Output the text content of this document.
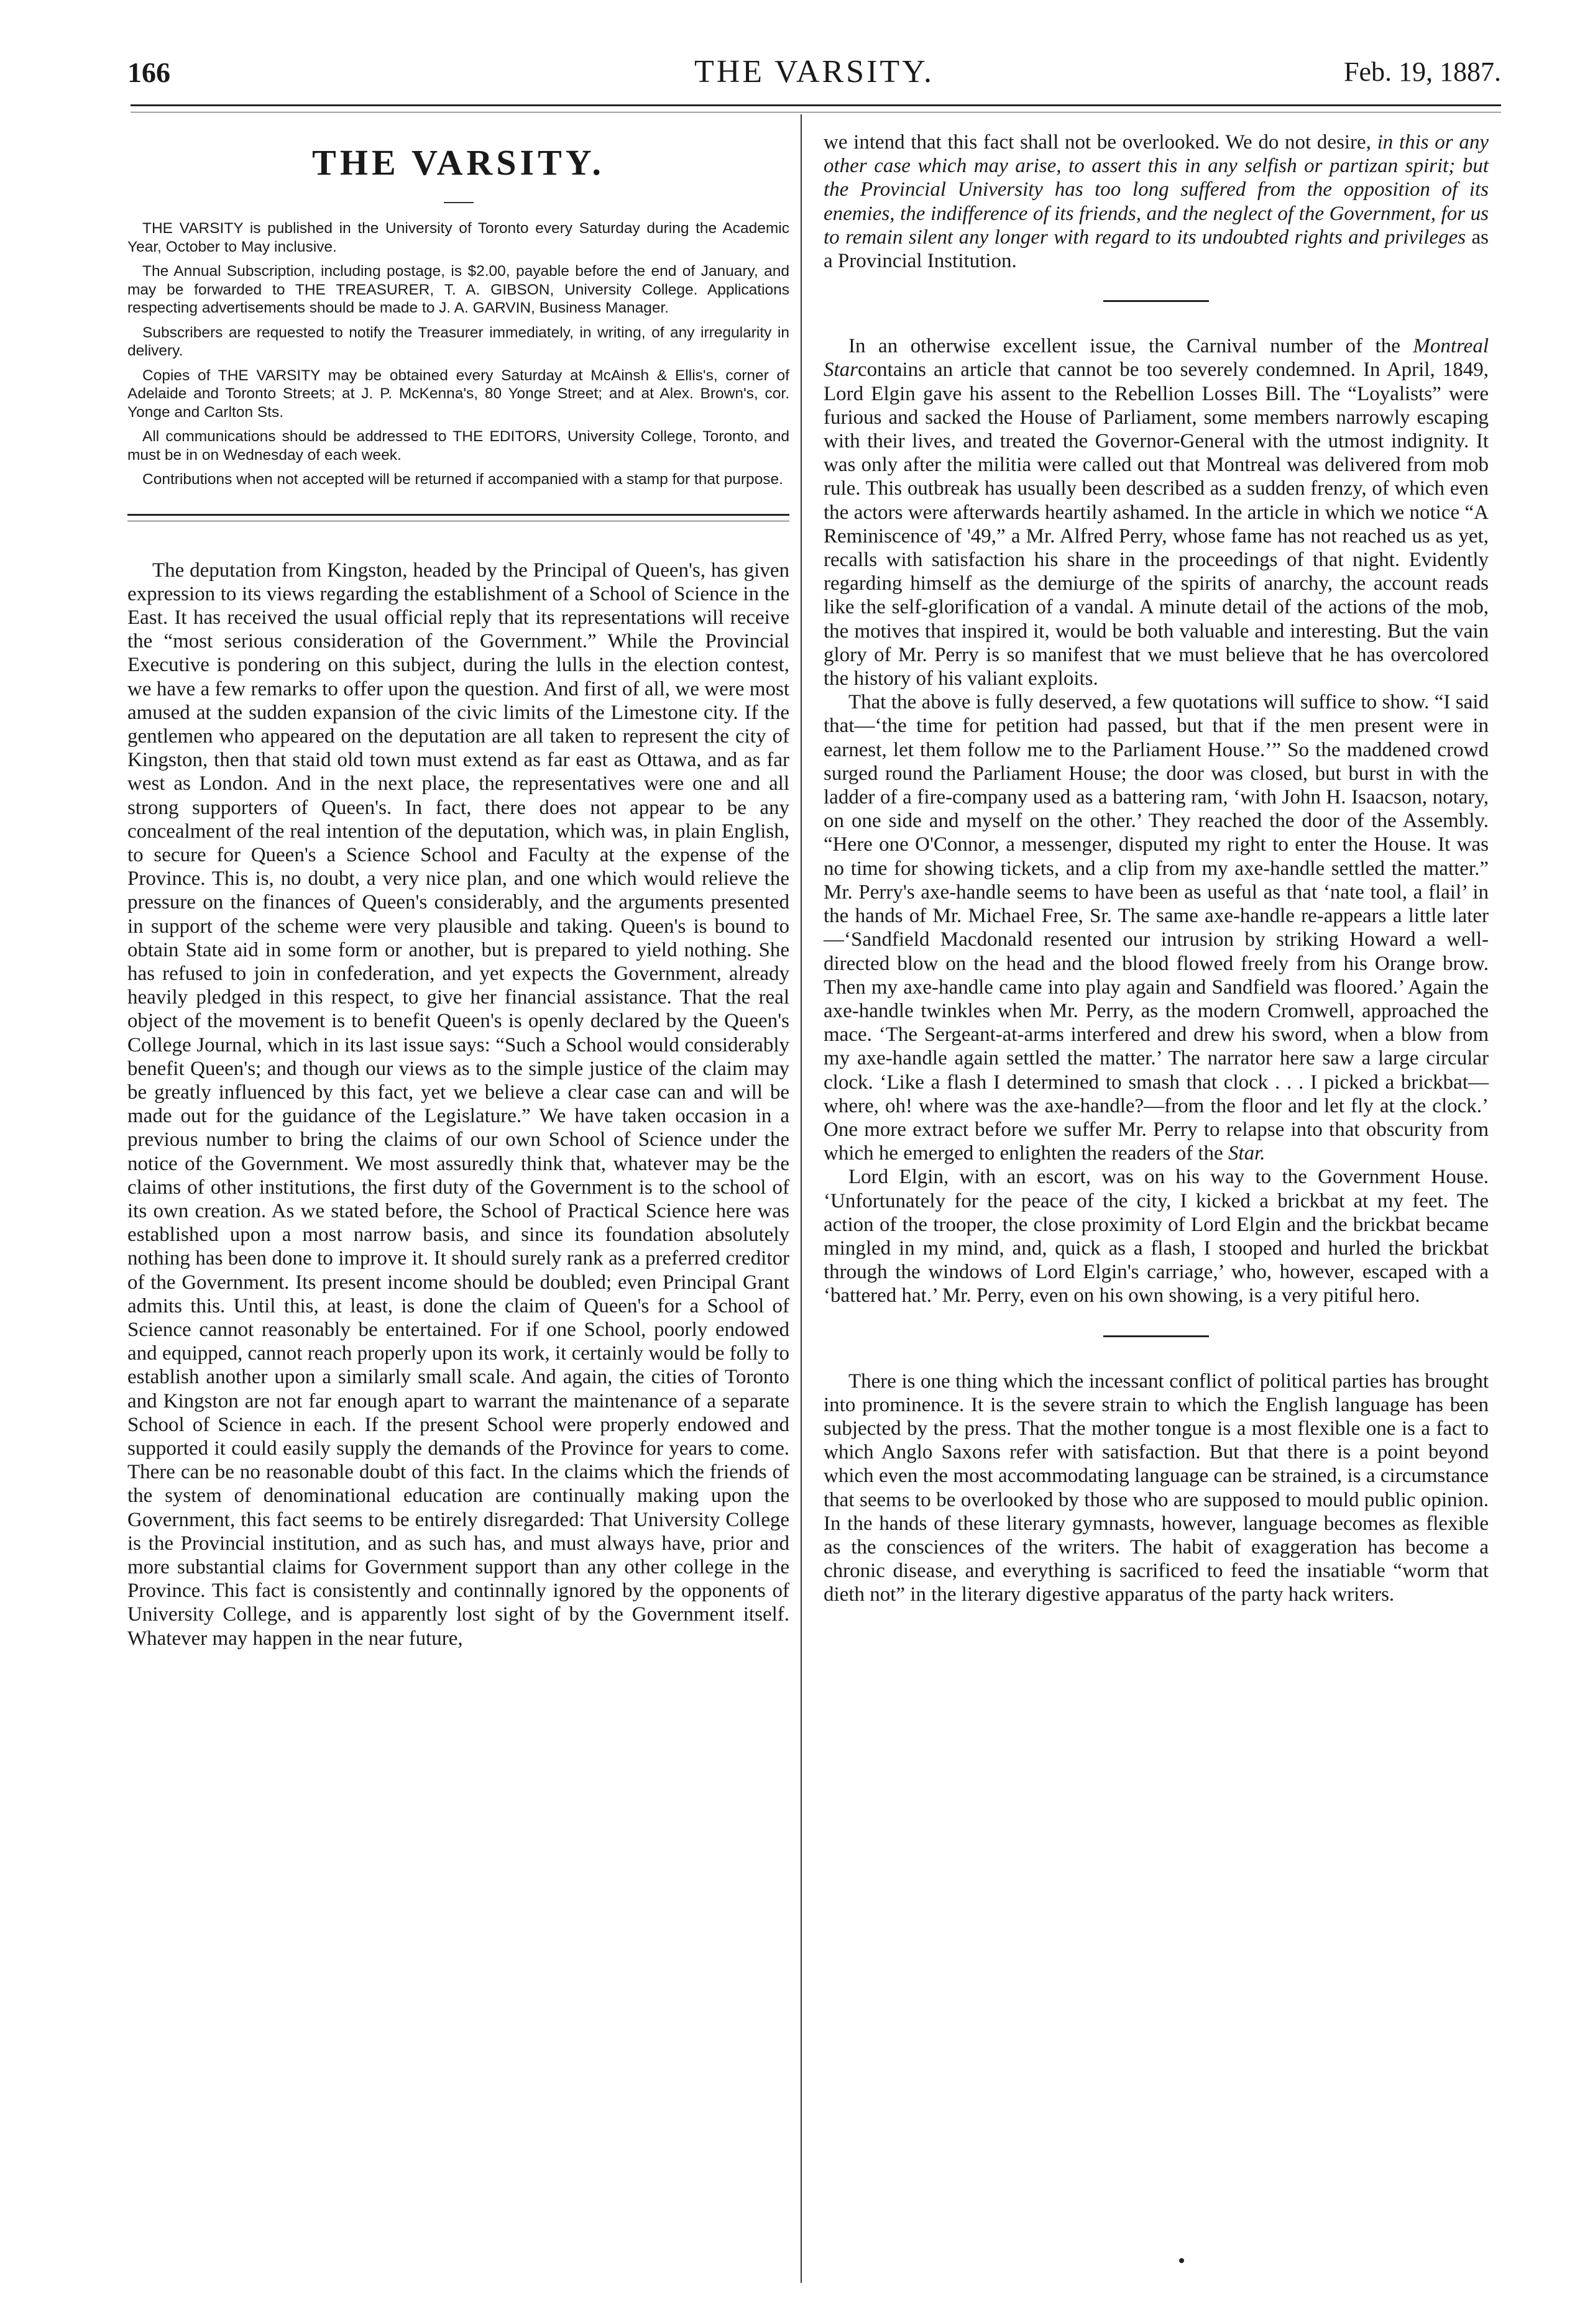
166	THE VARSITY.	Feb. 19, 1887.
THE VARSITY.

THE VARSITY is published in the University of Toronto every Saturday during the Academic Year, October to May inclusive.

The Annual Subscription, including postage, is $2.00, payable before the end of January, and may be forwarded to THE TREASURER, T. A. GIBSON, University College. Applications respecting advertisements should be made to J. A. GARVIN, Business Manager.

Subscribers are requested to notify the Treasurer immediately, in writing, of any irregularity in delivery.

Copies of THE VARSITY may be obtained every Saturday at McAinsh & Ellis's, corner of Adelaide and Toronto Streets; at J. P. McKenna's, 80 Yonge Street; and at Alex. Brown's, cor. Yonge and Carlton Sts.

All communications should be addressed to THE EDITORS, University College, Toronto, and must be in on Wednesday of each week.

Contributions when not accepted will be returned if accompanied with a stamp for that purpose.

The deputation from Kingston, headed by the Principal of Queen's, has given expression to its views regarding the establishment of a School of Science in the East. It has received the usual official reply that its representations will receive the “most serious consideration of the Government.” While the Provincial Executive is pondering on this subject, during the lulls in the election contest, we have a few remarks to offer upon the question. And first of all, we were most amused at the sudden expansion of the civic limits of the Limestone city. If the gentlemen who appeared on the deputation are all taken to represent the city of Kingston, then that staid old town must extend as far east as Ottawa, and as far west as London. And in the next place, the representatives were one and all strong supporters of Queen's. In fact, there does not appear to be any concealment of the real intention of the deputation, which was, in plain English, to secure for Queen's a Science School and Faculty at the expense of the Province. This is, no doubt, a very nice plan, and one which would relieve the pressure on the finances of Queen's considerably, and the arguments presented in support of the scheme were very plausible and taking. Queen's is bound to obtain State aid in some form or another, but is prepared to yield nothing. She has refused to join in confederation, and yet expects the Government, already heavily pledged in this respect, to give her financial assistance. That the real object of the movement is to benefit Queen's is openly declared by the Queen's College Journal, which in its last issue says: “Such a School would considerably benefit Queen's; and though our views as to the simple justice of the claim may be greatly influenced by this fact, yet we believe a clear case can and will be made out for the guidance of the Legislature.” We have taken occasion in a previous number to bring the claims of our own School of Science under the notice of the Government. We most assuredly think that, whatever may be the claims of other institutions, the first duty of the Government is to the school of its own creation. As we stated before, the School of Practical Science here was established upon a most narrow basis, and since its foundation absolutely nothing has been done to improve it. It should surely rank as a preferred creditor of the Government. Its present income should be doubled; even Principal Grant admits this. Until this, at least, is done the claim of Queen's for a School of Science cannot reasonably be entertained. For if one School, poorly endowed and equipped, cannot reach properly upon its work, it certainly would be folly to establish another upon a similarly small scale. And again, the cities of Toronto and Kingston are not far enough apart to warrant the maintenance of a separate School of Science in each. If the present School were properly endowed and supported it could easily supply the demands of the Province for years to come. There can be no reasonable doubt of this fact. In the claims which the friends of the system of denominational education are continually making upon the Government, this fact seems to be entirely disregarded: That University College is the Provincial institution, and as such has, and must always have, prior and more substantial claims for Government support than any other college in the Province. This fact is consistently and continnally ignored by the opponents of University College, and is apparently lost sight of by the Government itself. Whatever may happen in the near future,

we intend that this fact shall not be overlooked. We do not desire, in this or any other case which may arise, to assert this in any selfish or partizan spirit; but the Provincial University has too long suffered from the opposition of its enemies, the indifference of its friends, and the neglect of the Government, for us to remain silent any longer with regard to its undoubted rights and privileges as a Provincial Institution.

In an otherwise excellent issue, the Carnival number of the Montreal Starcontains an article that cannot be too severely condemned. In April, 1849, Lord Elgin gave his assent to the Rebellion Losses Bill. The “Loyalists” were furious and sacked the House of Parliament, some members narrowly escaping with their lives, and treated the Governor-General with the utmost indignity. It was only after the militia were called out that Montreal was delivered from mob rule. This outbreak has usually been described as a sudden frenzy, of which even the actors were afterwards heartily ashamed. In the article in which we notice “A Reminiscence of '49,” a Mr. Alfred Perry, whose fame has not reached us as yet, recalls with satisfaction his share in the proceedings of that night. Evidently regarding himself as the demiurge of the spirits of anarchy, the account reads like the self-glorification of a vandal. A minute detail of the actions of the mob, the motives that inspired it, would be both valuable and interesting. But the vain glory of Mr. Perry is so manifest that we must believe that he has overcolored the history of his valiant exploits.

That the above is fully deserved, a few quotations will suffice to show. “I said that—‘the time for petition had passed, but that if the men present were in earnest, let them follow me to the Parliament House.’” So the maddened crowd surged round the Parliament House; the door was closed, but burst in with the ladder of a fire-company used as a battering ram, ‘with John H. Isaacson, notary, on one side and myself on the other.’ They reached the door of the Assembly. “Here one O'Connor, a messenger, disputed my right to enter the House. It was no time for showing tickets, and a clip from my axe-handle settled the matter.” Mr. Perry's axe-handle seems to have been as useful as that ‘nate tool, a flail’ in the hands of Mr. Michael Free, Sr. The same axe-handle re-appears a little later—‘Sandfield Macdonald resented our intrusion by striking Howard a well-directed blow on the head and the blood flowed freely from his Orange brow. Then my axe-handle came into play again and Sandfield was floored.’ Again the axe-handle twinkles when Mr. Perry, as the modern Cromwell, approached the mace. ‘The Sergeant-at-arms interfered and drew his sword, when a blow from my axe-handle again settled the matter.’ The narrator here saw a large circular clock. ‘Like a flash I determined to smash that clock . . . I picked a brickbat—where, oh! where was the axe-handle?—from the floor and let fly at the clock.’ One more extract before we suffer Mr. Perry to relapse into that obscurity from which he emerged to enlighten the readers of the Star.

Lord Elgin, with an escort, was on his way to the Government House. ‘Unfortunately for the peace of the city, I kicked a brickbat at my feet. The action of the trooper, the close proximity of Lord Elgin and the brickbat became mingled in my mind, and, quick as a flash, I stooped and hurled the brickbat through the windows of Lord Elgin's carriage,’ who, however, escaped with a ‘battered hat.’ Mr. Perry, even on his own showing, is a very pitiful hero.

There is one thing which the incessant conflict of political parties has brought into prominence. It is the severe strain to which the English language has been subjected by the press. That the mother tongue is a most flexible one is a fact to which Anglo Saxons refer with satisfaction. But that there is a point beyond which even the most accommodating language can be strained, is a circumstance that seems to be overlooked by those who are supposed to mould public opinion. In the hands of these literary gymnasts, however, language becomes as flexible as the consciences of the writers. The habit of exaggeration has become a chronic disease, and everything is sacrificed to feed the insatiable “worm that dieth not” in the literary digestive apparatus of the party hack writers.
